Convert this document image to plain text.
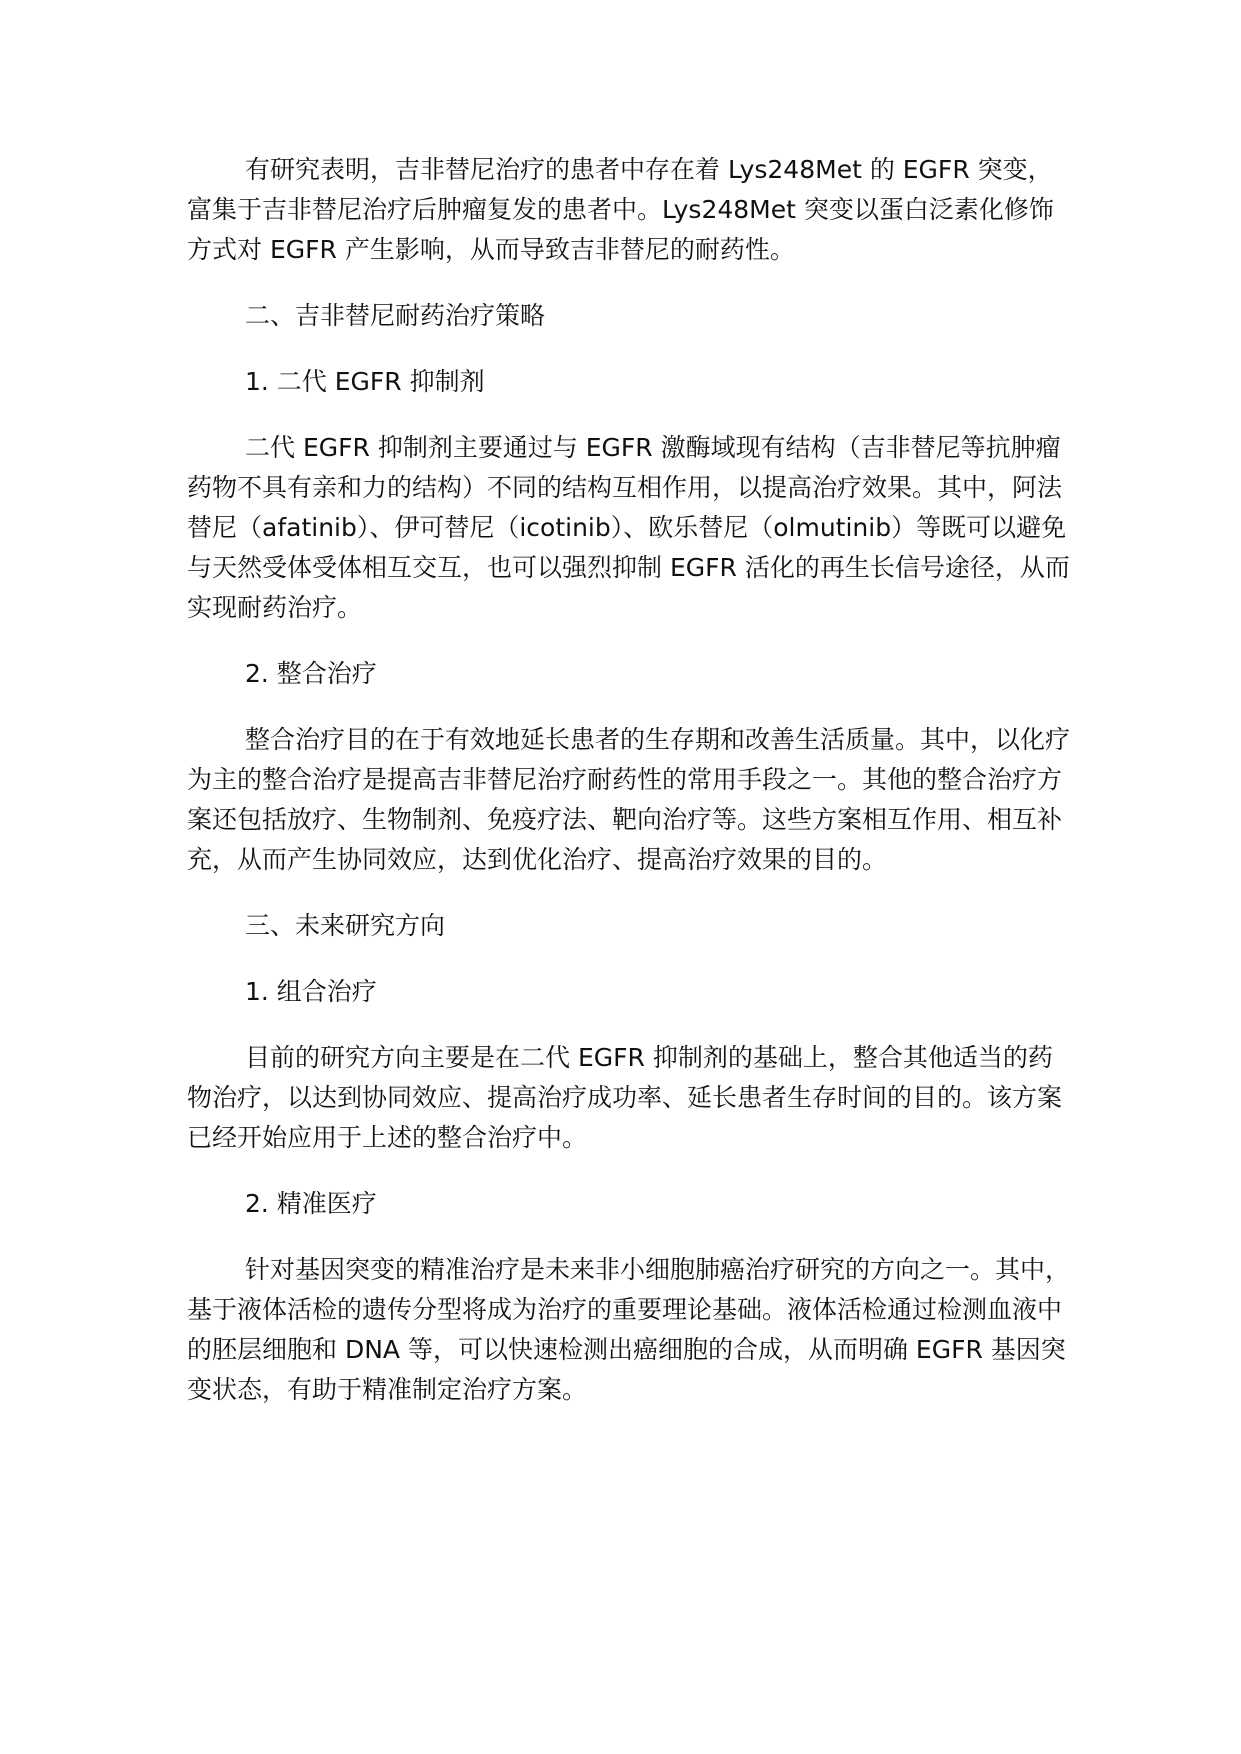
有研究表明，吉非替尼治疗的患者中存在着 Lys248Met 的 EGFR 突变，富集于吉非替尼治疗后肿瘤复发的患者中。Lys248Met 突变以蛋白泛素化修饰方式对 EGFR 产生影响，从而导致吉非替尼的耐药性。

二、吉非替尼耐药治疗策略

1. 二代 EGFR 抑制剂

二代 EGFR 抑制剂主要通过与 EGFR 激酶域现有结构（吉非替尼等抗肿瘤药物不具有亲和力的结构）不同的结构互相作用，以提高治疗效果。其中，阿法替尼（afatinib）、伊可替尼（icotinib）、欧乐替尼（olmutinib）等既可以避免与天然受体受体相互交互，也可以强烈抑制 EGFR 活化的再生长信号途径，从而实现耐药治疗。

2. 整合治疗

整合治疗目的在于有效地延长患者的生存期和改善生活质量。其中，以化疗为主的整合治疗是提高吉非替尼治疗耐药性的常用手段之一。其他的整合治疗方案还包括放疗、生物制剂、免疫疗法、靶向治疗等。这些方案相互作用、相互补充，从而产生协同效应，达到优化治疗、提高治疗效果的目的。

三、未来研究方向

1. 组合治疗

目前的研究方向主要是在二代 EGFR 抑制剂的基础上，整合其他适当的药物治疗，以达到协同效应、提高治疗成功率、延长患者生存时间的目的。该方案已经开始应用于上述的整合治疗中。

2. 精准医疗

针对基因突变的精准治疗是未来非小细胞肺癌治疗研究的方向之一。其中，基于液体活检的遗传分型将成为治疗的重要理论基础。液体活检通过检测血液中的胚层细胞和 DNA 等，可以快速检测出癌细胞的合成，从而明确 EGFR 基因突变状态，有助于精准制定治疗方案。
